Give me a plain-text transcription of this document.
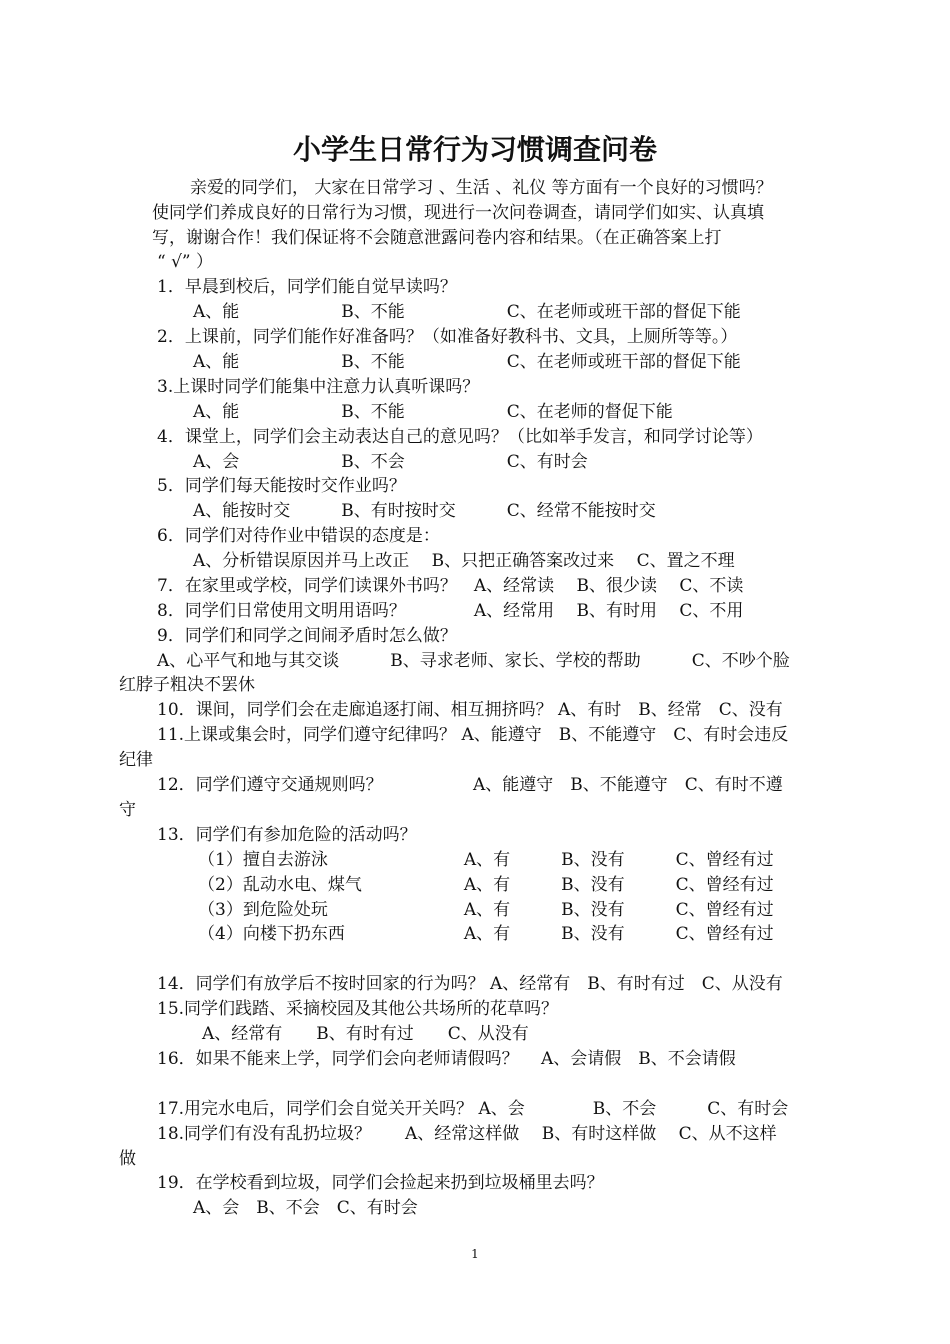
小学生日常行为习惯调查问卷
亲爱的同学们， 大家在日常学习 、生活 、礼仪 等方面有一个良好的习惯吗？
使同学们养成良好的日常行为习惯，现进行一次问卷调查，请同学们如实、认真填
写，谢谢合作！我们保证将不会随意泄露问卷内容和结果。（在正确答案上打
“ √” ）
1．早晨到校后，同学们能自觉早读吗？
A、能　　　　　　B、不能　　　　　　C、在老师或班干部的督促下能
2．上课前，同学们能作好准备吗？（如准备好教科书、文具，上厕所等等。）
A、能　　　　　　B、不能　　　　　　C、在老师或班干部的督促下能
3.上课时同学们能集中注意力认真听课吗？
A、能　　　　　　B、不能　　　　　　C、在老师的督促下能
4．课堂上，同学们会主动表达自己的意见吗？（比如举手发言，和同学讨论等）
A、会　　　　　　B、不会　　　　　　C、有时会
5．同学们每天能按时交作业吗？
A、能按时交　　　B、有时按时交　　　C、经常不能按时交
6．同学们对待作业中错误的态度是：
A、分析错误原因并马上改正　 B、只把正确答案改过来　 C、置之不理
7．在家里或学校，同学们读课外书吗？　A、经常读　 B、很少读　 C、不读
8．同学们日常使用文明用语吗？　　　　A、经常用　 B、有时用　 C、不用
9．同学们和同学之间闹矛盾时怎么做？
A、心平气和地与其交谈　　　B、寻求老师、家长、学校的帮助　　　C、不吵个脸
红脖子粗决不罢休
10．课间，同学们会在走廊追逐打闹、相互拥挤吗？ A、有时　B、经常　C、没有
11.上课或集会时，同学们遵守纪律吗？ A、能遵守　B、不能遵守　C、有时会违反
纪律
12．同学们遵守交通规则吗？　　　　　 A、能遵守　B、不能遵守　C、有时不遵
守
13．同学们有参加危险的活动吗？
（1）擅自去游泳　　　　　　　　A、有　　　B、没有　　　C、曾经有过
（2）乱动水电、煤气　　　　　　A、有　　　B、没有　　　C、曾经有过
（3）到危险处玩　　　　　　　　A、有　　　B、没有　　　C、曾经有过
（4）向楼下扔东西　　　　　　　A、有　　　B、没有　　　C、曾经有过
14．同学们有放学后不按时回家的行为吗？ A、经常有　B、有时有过　C、从没有
15.同学们践踏、采摘校园及其他公共场所的花草吗？
A、经常有　　B、有时有过　　C、从没有
16．如果不能来上学，同学们会向老师请假吗？　 A、会请假　B、不会请假
17.用完水电后，同学们会自觉关开关吗？ A、会　　　　B、不会　　　C、有时会
18.同学们有没有乱扔垃圾？　　A、经常这样做　 B、有时这样做　 C、从不这样
做
19．在学校看到垃圾，同学们会捡起来扔到垃圾桶里去吗？
A、会　B、不会　C、有时会
1
